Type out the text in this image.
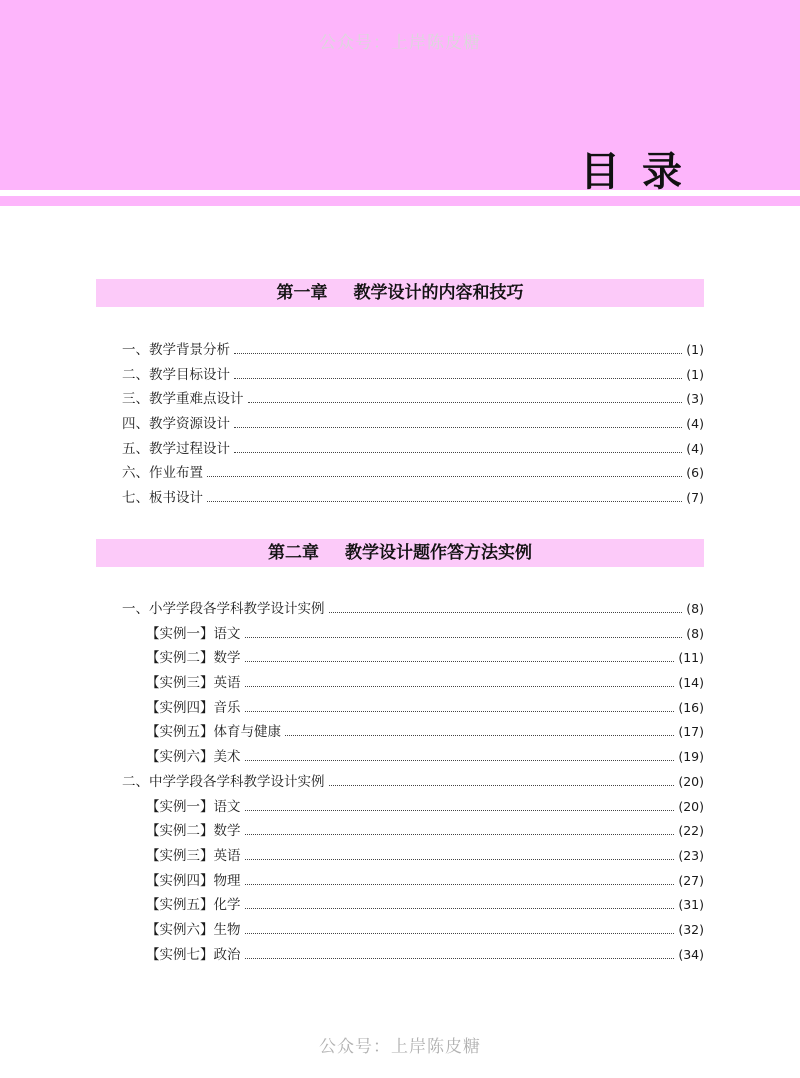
公众号：上岸陈皮糖
目录
第一章 教学设计的内容和技巧
一、教学背景分析	(1)
二、教学目标设计	(1)
三、教学重难点设计	(3)
四、教学资源设计	(4)
五、教学过程设计	(4)
六、作业布置	(6)
七、板书设计	(7)
第二章 教学设计题作答方法实例
一、小学学段各学科教学设计实例	(8)
【实例一】语文	(8)
【实例二】数学	(11)
【实例三】英语	(14)
【实例四】音乐	(16)
【实例五】体育与健康	(17)
【实例六】美术	(19)
二、中学学段各学科教学设计实例	(20)
【实例一】语文	(20)
【实例二】数学	(22)
【实例三】英语	(23)
【实例四】物理	(27)
【实例五】化学	(31)
【实例六】生物	(32)
【实例七】政治	(34)
公众号：上岸陈皮糖
